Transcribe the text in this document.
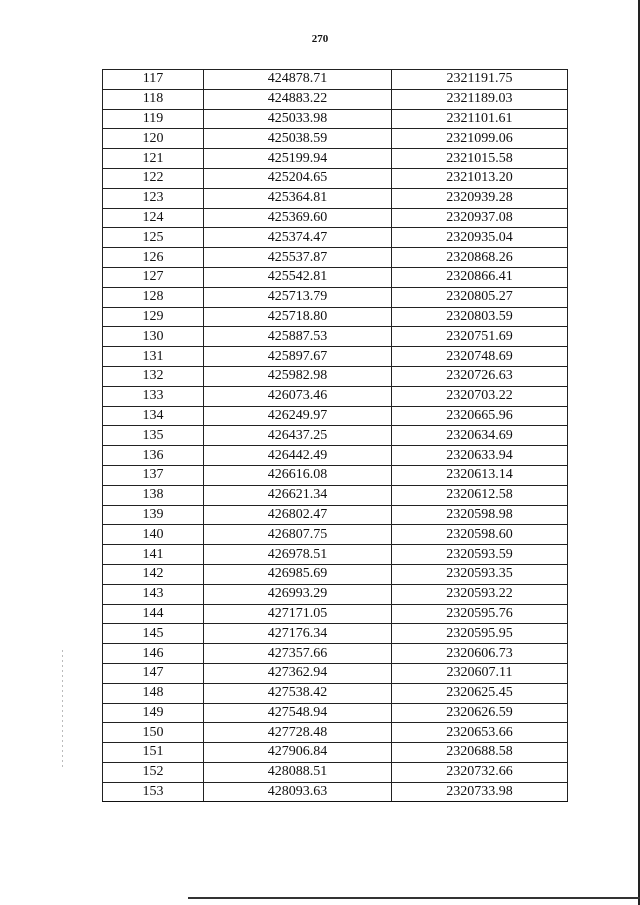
270
117	424878.71	2321191.75
118	424883.22	2321189.03
119	425033.98	2321101.61
120	425038.59	2321099.06
121	425199.94	2321015.58
122	425204.65	2321013.20
123	425364.81	2320939.28
124	425369.60	2320937.08
125	425374.47	2320935.04
126	425537.87	2320868.26
127	425542.81	2320866.41
128	425713.79	2320805.27
129	425718.80	2320803.59
130	425887.53	2320751.69
131	425897.67	2320748.69
132	425982.98	2320726.63
133	426073.46	2320703.22
134	426249.97	2320665.96
135	426437.25	2320634.69
136	426442.49	2320633.94
137	426616.08	2320613.14
138	426621.34	2320612.58
139	426802.47	2320598.98
140	426807.75	2320598.60
141	426978.51	2320593.59
142	426985.69	2320593.35
143	426993.29	2320593.22
144	427171.05	2320595.76
145	427176.34	2320595.95
146	427357.66	2320606.73
147	427362.94	2320607.11
148	427538.42	2320625.45
149	427548.94	2320626.59
150	427728.48	2320653.66
151	427906.84	2320688.58
152	428088.51	2320732.66
153	428093.63	2320733.98
